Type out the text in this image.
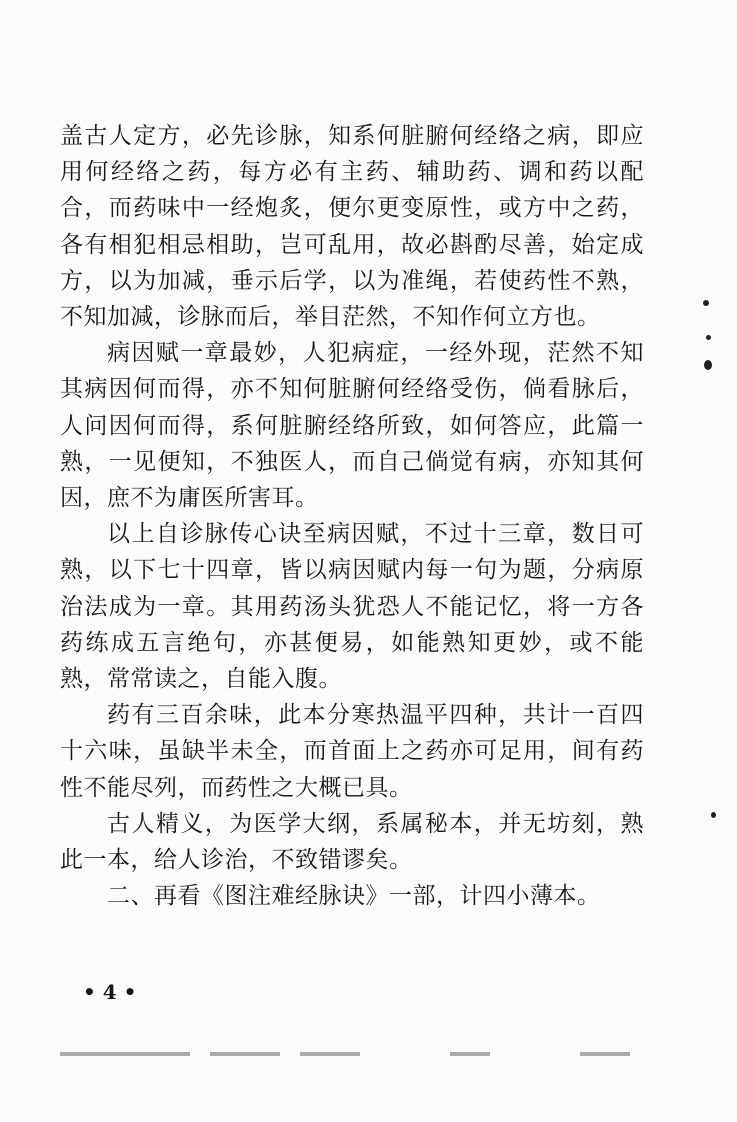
盖古人定方，必先诊脉，知系何脏腑何经络之病，即应用何经络之药，每方必有主药、辅助药、调和药以配合，而药味中一经炮炙，便尔更变原性，或方中之药，各有相犯相忌相助，岂可乱用，故必斟酌尽善，始定成方，以为加减，垂示后学，以为准绳，若使药性不熟，不知加减，诊脉而后，举目茫然，不知作何立方也。

病因赋一章最妙，人犯病症，一经外现，茫然不知其病因何而得，亦不知何脏腑何经络受伤，倘看脉后，人问因何而得，系何脏腑经络所致，如何答应，此篇一熟，一见便知，不独医人，而自己倘觉有病，亦知其何因，庶不为庸医所害耳。

以上自诊脉传心诀至病因赋，不过十三章，数日可熟，以下七十四章，皆以病因赋内每一句为题，分病原治法成为一章。其用药汤头犹恐人不能记忆，将一方各药练成五言绝句，亦甚便易，如能熟知更妙，或不能熟，常常读之，自能入腹。

药有三百余味，此本分寒热温平四种，共计一百四十六味，虽缺半未全，而首面上之药亦可足用，间有药性不能尽列，而药性之大概已具。

古人精义，为医学大纲，系属秘本，并无坊刻，熟此一本，给人诊治，不致错谬矣。

二、再看《图注难经脉诀》一部，计四小薄本。

• 4 •
